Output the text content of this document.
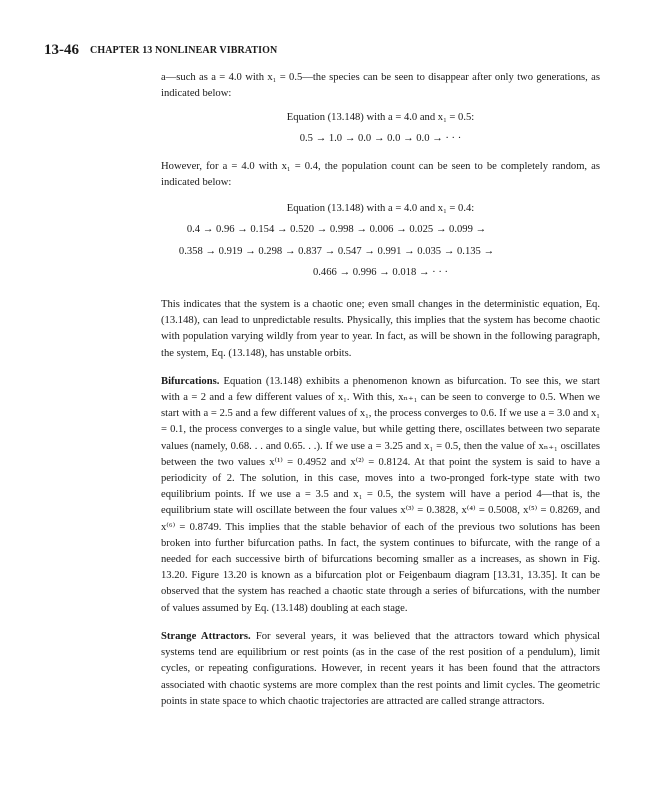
13-46 CHAPTER 13 NONLINEAR VIBRATION

a—such as a = 4.0 with x₁ = 0.5—the species can be seen to disappear after only two generations, as indicated below:

Equation (13.148) with a = 4.0 and x₁ = 0.5:
0.5 → 1.0 → 0.0 → 0.0 → 0.0 → · · ·

However, for a = 4.0 with x₁ = 0.4, the population count can be seen to be completely random, as indicated below:

Equation (13.148) with a = 4.0 and x₁ = 0.4:
0.4 → 0.96 → 0.154 → 0.520 → 0.998 → 0.006 → 0.025 → 0.099 →
0.358 → 0.919 → 0.298 → 0.837 → 0.547 → 0.991 → 0.035 → 0.135 →
0.466 → 0.996 → 0.018 → · · ·

This indicates that the system is a chaotic one; even small changes in the deterministic equation, Eq. (13.148), can lead to unpredictable results. Physically, this implies that the system has become chaotic with population varying wildly from year to year. In fact, as will be shown in the following paragraph, the system, Eq. (13.148), has unstable orbits.

Bifurcations. Equation (13.148) exhibits a phenomenon known as bifurcation. To see this, we start with a = 2 and a few different values of x₁. With this, xₙ₊₁ can be seen to converge to 0.5. When we start with a = 2.5 and a few different values of x₁, the process converges to 0.6. If we use a = 3.0 and x₁ = 0.1, the process converges to a single value, but while getting there, oscillates between two separate values (namely, 0.68. . . and 0.65. . .). If we use a = 3.25 and x₁ = 0.5, then the value of xₙ₊₁ oscillates between the two values x⁽¹⁾ = 0.4952 and x⁽²⁾ = 0.8124. At that point the system is said to have a periodicity of 2. The solution, in this case, moves into a two-pronged fork-type state with two equilibrium points. If we use a = 3.5 and x₁ = 0.5, the system will have a period 4—that is, the equilibrium state will oscillate between the four values x⁽³⁾ = 0.3828, x⁽⁴⁾ = 0.5008, x⁽⁵⁾ = 0.8269, and x⁽⁶⁾ = 0.8749. This implies that the stable behavior of each of the previous two solutions has been broken into further bifurcation paths. In fact, the system continues to bifurcate, with the range of a needed for each successive birth of bifurcations becoming smaller as a increases, as shown in Fig. 13.20. Figure 13.20 is known as a bifurcation plot or Feigenbaum diagram [13.31, 13.35]. It can be observed that the system has reached a chaotic state through a series of bifurcations, with the number of values assumed by Eq. (13.148) doubling at each stage.

Strange Attractors. For several years, it was believed that the attractors toward which physical systems tend are equilibrium or rest points (as in the case of the rest position of a pendulum), limit cycles, or repeating configurations. However, in recent years it has been found that the attractors associated with chaotic systems are more complex than the rest points and limit cycles. The geometric points in state space to which chaotic trajectories are attracted are called strange attractors.
